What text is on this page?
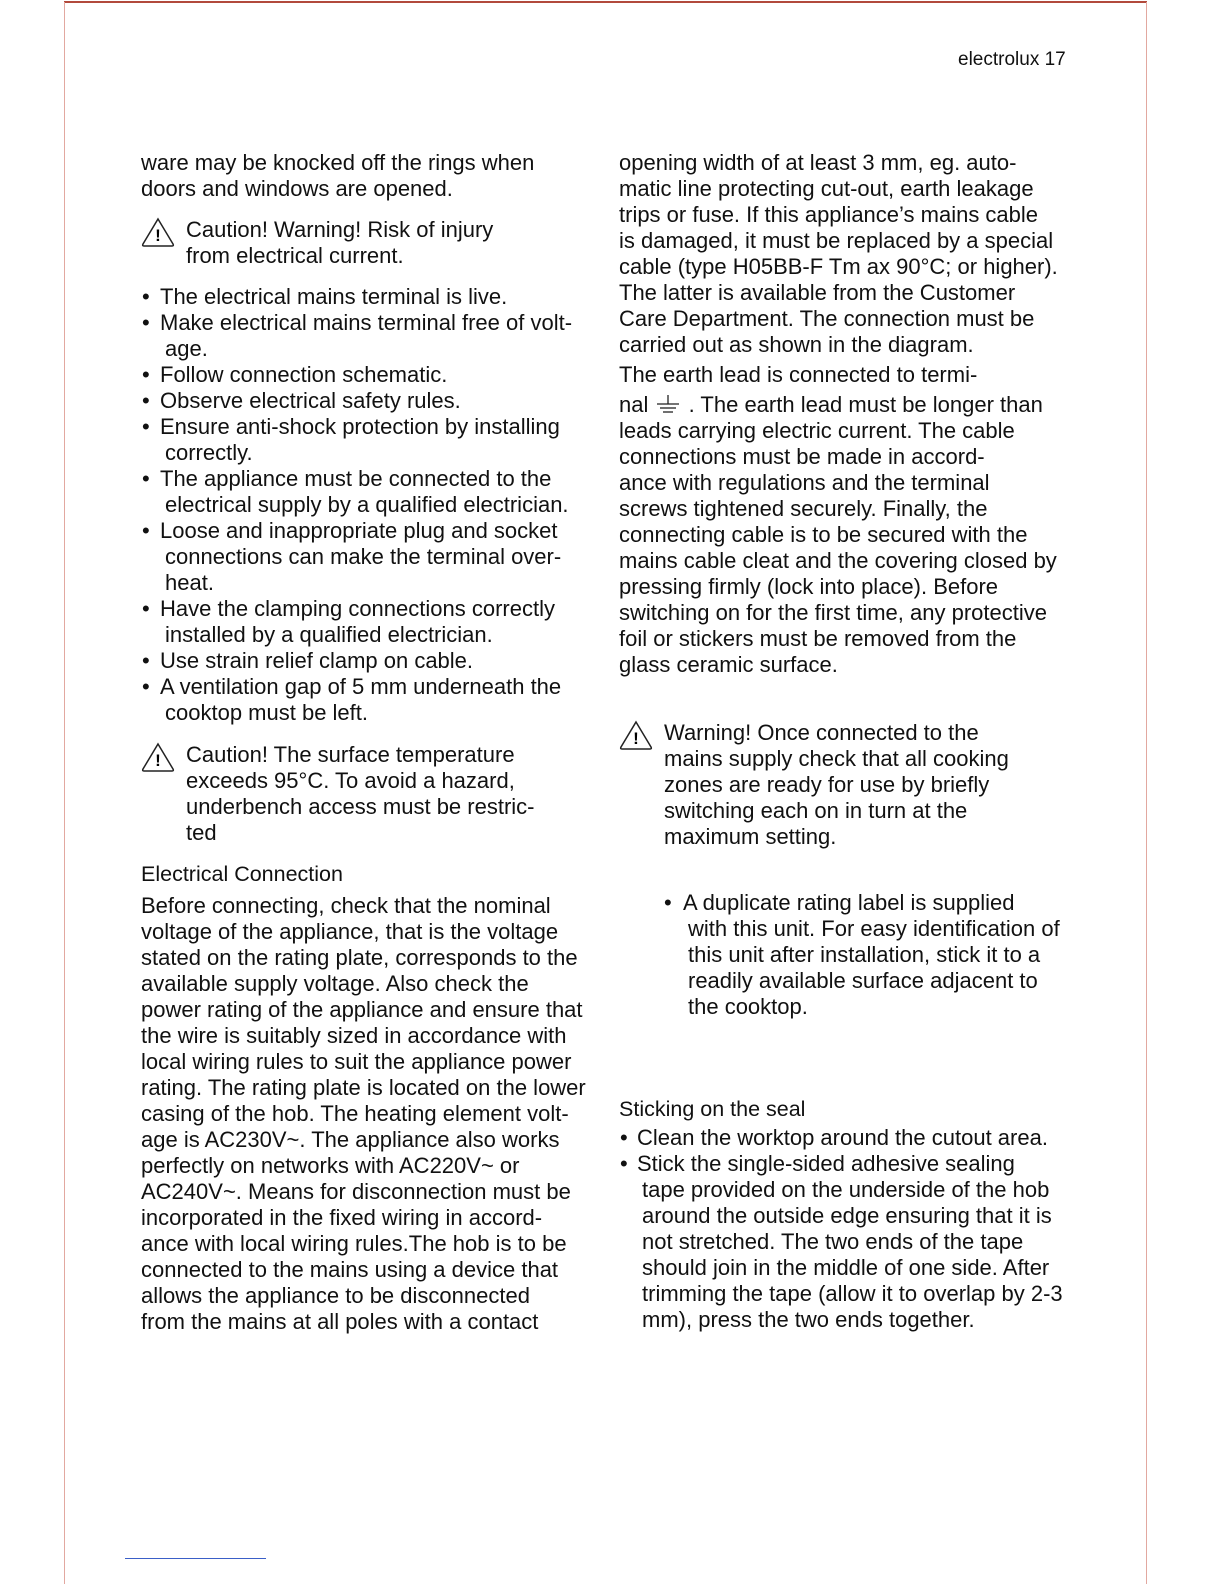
electrolux 17
ware may be knocked off the rings when
doors and windows are opened.
! Caution! Warning! Risk of injury
from electrical current.
• The electrical mains terminal is live.
• Make electrical mains terminal free of volt-
age.
• Follow connection schematic.
• Observe electrical safety rules.
• Ensure anti-shock protection by installing
correctly.
• The appliance must be connected to the
electrical supply by a qualified electrician.
• Loose and inappropriate plug and socket
connections can make the terminal over-
heat.
• Have the clamping connections correctly
installed by a qualified electrician.
• Use strain relief clamp on cable.
• A ventilation gap of 5 mm underneath the
cooktop must be left.
! Caution! The surface temperature
exceeds 95°C. To avoid a hazard,
underbench access must be restric-
ted
Electrical Connection
Before connecting, check that the nominal
voltage of the appliance, that is the voltage
stated on the rating plate, corresponds to the
available supply voltage. Also check the
power rating of the appliance and ensure that
the wire is suitably sized in accordance with
local wiring rules to suit the appliance power
rating. The rating plate is located on the lower
casing of the hob. The heating element volt-
age is AC230V~. The appliance also works
perfectly on networks with AC220V~ or
AC240V~. Means for disconnection must be
incorporated in the fixed wiring in accord-
ance with local wiring rules.The hob is to be
connected to the mains using a device that
allows the appliance to be disconnected
from the mains at all poles with a contact
opening width of at least 3 mm, eg. auto-
matic line protecting cut-out, earth leakage
trips or fuse. If this appliance’s mains cable
is damaged, it must be replaced by a special
cable (type H05BB-F Tm ax 90°C; or higher).
The latter is available from the Customer
Care Department. The connection must be
carried out as shown in the diagram.
The earth lead is connected to termi-
nal  . The earth lead must be longer than
leads carrying electric current. The cable
connections must be made in accord-
ance with regulations and the terminal
screws tightened securely. Finally, the
connecting cable is to be secured with the
mains cable cleat and the covering closed by
pressing firmly (lock into place). Before
switching on for the first time, any protective
foil or stickers must be removed from the
glass ceramic surface.
! Warning! Once connected to the
mains supply check that all cooking
zones are ready for use by briefly
switching each on in turn at the
maximum setting.
• A duplicate rating label is supplied
with this unit. For easy identification of
this unit after installation, stick it to a
readily available surface adjacent to
the cooktop.
Sticking on the seal
• Clean the worktop around the cutout area.
• Stick the single-sided adhesive sealing
tape provided on the underside of the hob
around the outside edge ensuring that it is
not stretched. The two ends of the tape
should join in the middle of one side. After
trimming the tape (allow it to overlap by 2-3
mm), press the two ends together.
